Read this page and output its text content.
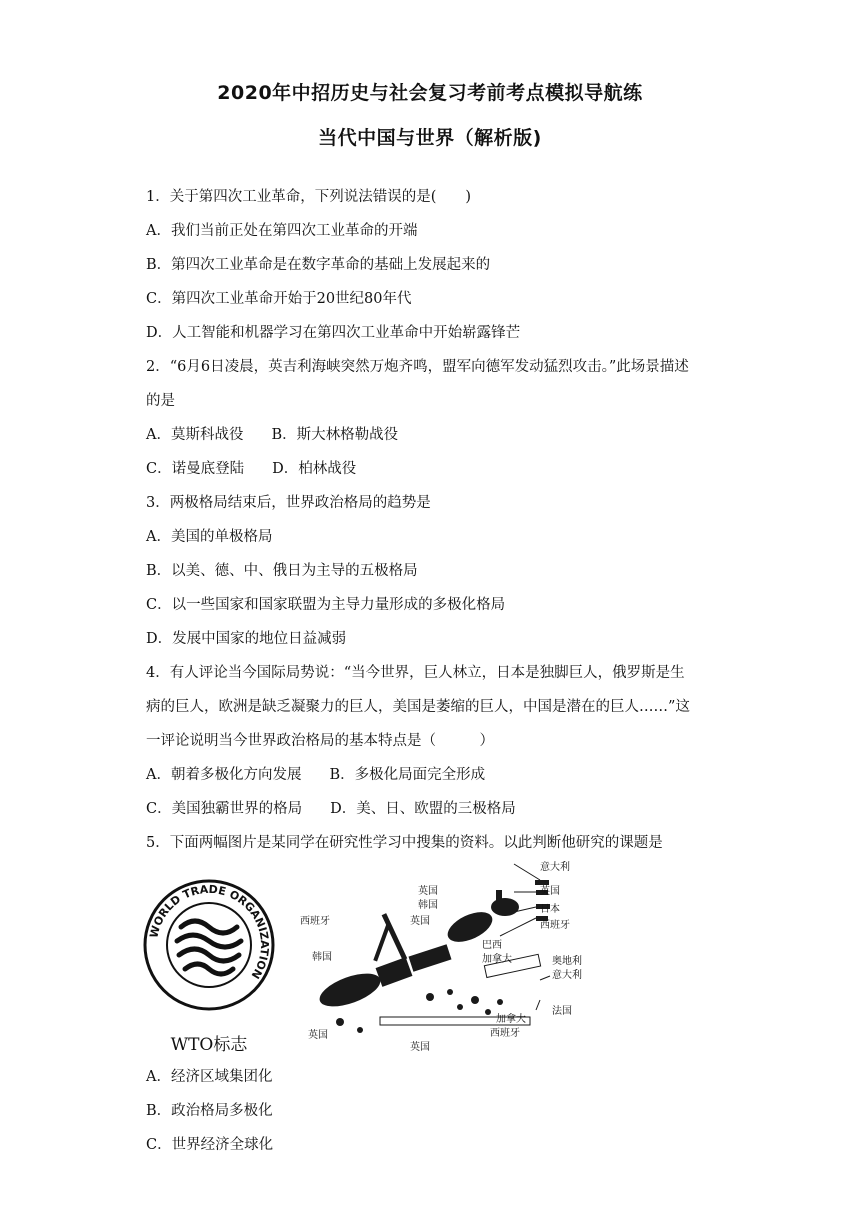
2020年中招历史与社会复习考前考点模拟导航练
当代中国与世界（解析版)
1．关于第四次工业革命，下列说法错误的是(　　)
A．我们当前正处在第四次工业革命的开端
B．第四次工业革命是在数字革命的基础上发展起来的
C．第四次工业革命开始于20世纪80年代
D．人工智能和机器学习在第四次工业革命中开始崭露锋芒
2．“6月6日凌晨，英吉利海峡突然万炮齐鸣，盟军向德军发动猛烈攻击。”此场景描述
的是
A．莫斯科战役 B．斯大林格勒战役
C．诺曼底登陆 D．柏林战役
3．两极格局结束后，世界政治格局的趋势是
A．美国的单极格局
B．以美、德、中、俄日为主导的五极格局
C．以一些国家和国家联盟为主导力量形成的多极化格局
D．发展中国家的地位日益减弱
4．有人评论当今国际局势说：“当今世界，巨人林立，日本是独脚巨人，俄罗斯是生
病的巨人，欧洲是缺乏凝聚力的巨人，美国是萎缩的巨人，中国是潜在的巨人……”这
一评论说明当今世界政治格局的基本特点是（　　　）
A．朝着多极化方向发展 B．多极化局面完全形成
C．美国独霸世界的格局 D．美、日、欧盟的三极格局
5．下面两幅图片是某同学在研究性学习中搜集的资料。以此判断他研究的课题是
WORLD TRADE ORGANIZATION
WTO标志
意大利
英国
韩国
英国
西班牙	英国
日本
西班牙
韩国
巴西
加拿大	奥地利
意大利
法国
英国
加拿大
西班牙
英国
A．经济区域集团化
B．政治格局多极化
C．世界经济全球化
